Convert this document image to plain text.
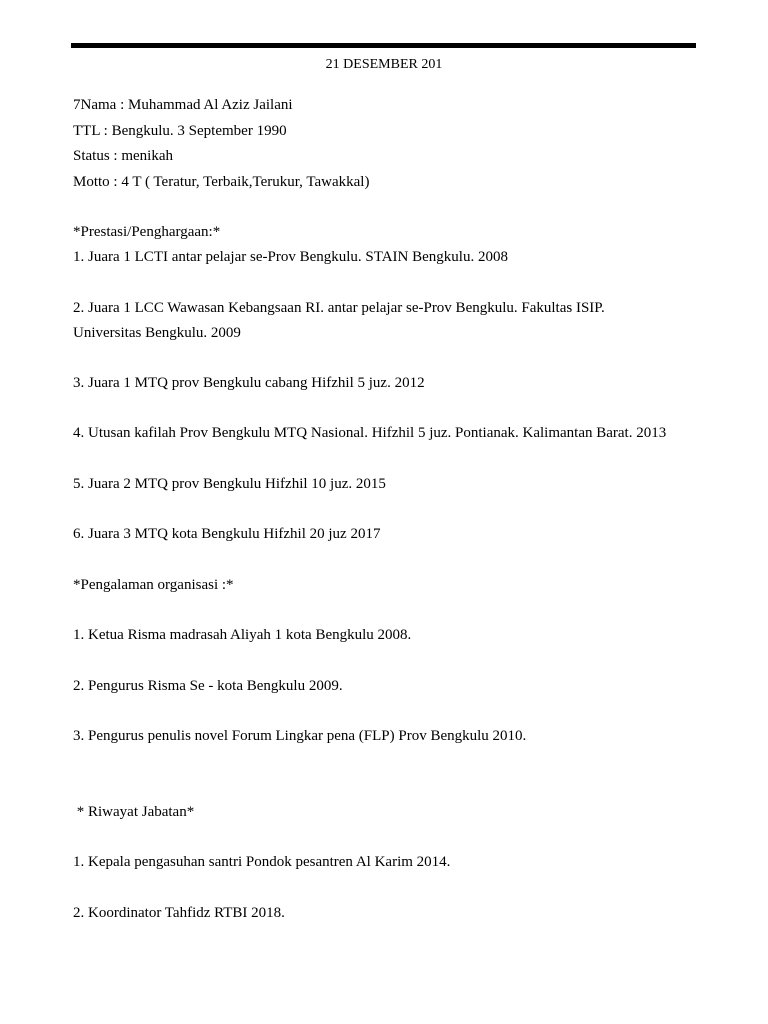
21 DESEMBER 201
7Nama : Muhammad Al Aziz Jailani
TTL : Bengkulu. 3 September 1990
Status : menikah
Motto : 4 T ( Teratur, Terbaik,Terukur, Tawakkal)
*Prestasi/Penghargaan:*
1. Juara 1 LCTI antar pelajar se-Prov Bengkulu. STAIN Bengkulu. 2008
2. Juara 1 LCC Wawasan Kebangsaan RI. antar pelajar se-Prov Bengkulu. Fakultas ISIP.
Universitas Bengkulu. 2009
3. Juara 1 MTQ prov Bengkulu cabang Hifzhil 5 juz. 2012
4. Utusan kafilah Prov Bengkulu MTQ Nasional. Hifzhil 5 juz. Pontianak. Kalimantan Barat. 2013
5. Juara 2 MTQ prov Bengkulu Hifzhil 10 juz. 2015
6. Juara 3 MTQ kota Bengkulu Hifzhil 20 juz 2017
*Pengalaman organisasi :*
1. Ketua Risma madrasah Aliyah 1 kota Bengkulu 2008.
2. Pengurus Risma Se - kota Bengkulu 2009.
3. Pengurus penulis novel Forum Lingkar pena (FLP) Prov Bengkulu 2010.
* Riwayat Jabatan*
1. Kepala pengasuhan santri Pondok pesantren Al Karim 2014.
2. Koordinator Tahfidz RTBI 2018.
